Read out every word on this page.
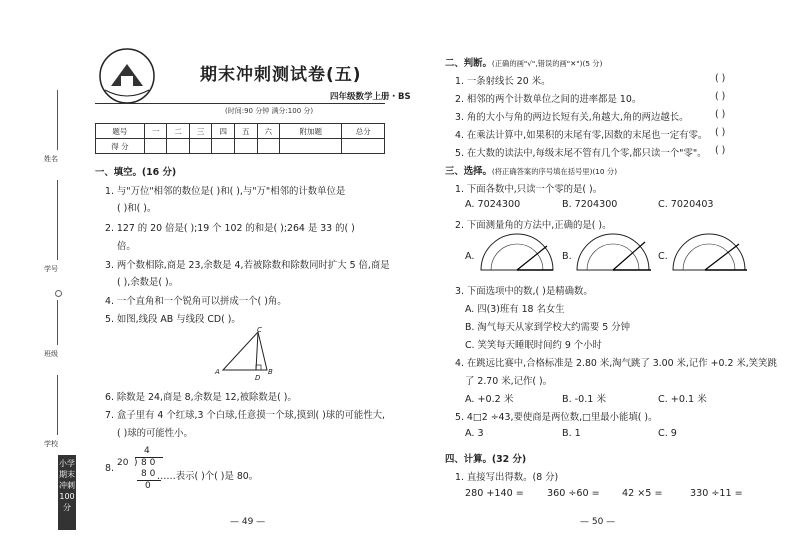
姓名
学号
班级
学校
小学期末冲刺100分
期末冲刺测试卷(五)
四年级数学上册・BS
(时间:90 分钟 满分:100 分)
题号	一	二	三	四	五	六	附加题	总分
得 分								
一、填空。(16 分)
1. 与"万位"相邻的数位是( )和( ),与"万"相邻的计数单位是
( )和( )。
2. 127 的 20 倍是( );19 个 102 的和是( );264 是 33 的( )
倍。
3. 两个数相除,商是 23,余数是 4,若被除数和除数同时扩大 5 倍,商是
( ),余数是( )。
4. 一个直角和一个锐角可以拼成一个( )角。
5. 如图,线段 AB 与线段 CD( )。
C
A
D
B
6. 除数是 24,商是 8,余数是 12,被除数是( )。
7. 盒子里有 4 个红球,3 个白球,任意摸一个球,摸到( )球的可能性大,
( )球的可能性小。
8.
4
20 ) 8 0
8 0
0
……表示( )个( )是 80。
— 49 —
二、判断。(正确的画"√",错误的画"✕")(5 分)
1. 一条射线长 20 米。	( )
2. 相邻的两个计数单位之间的进率都是 10。	( )
3. 角的大小与角的两边长短有关,角越大,角的两边越长。	( )
4. 在乘法计算中,如果积的末尾有零,因数的末尾也一定有零。 ( )
5. 在大数的读法中,每级末尾不管有几个零,都只读一个"零"。 ( )
三、选择。(将正确答案的序号填在括号里)(10 分)
1. 下面各数中,只读一个零的是( )。
A. 7024300	B. 7204300	C. 7020403
2. 下面测量角的方法中,正确的是( )。
A.	B.	C.
3. 下面选项中的数,( )是精确数。
A. 四(3)班有 18 名女生
B. 淘气每天从家到学校大约需要 5 分钟
C. 笑笑每天睡眠时间约 9 个小时
4. 在跳远比赛中,合格标准是 2.80 米,淘气跳了 3.00 米,记作 +0.2 米,笑笑跳
了 2.70 米,记作( )。
A. +0.2 米	B. -0.1 米	C. +0.1 米
5. 4□2 ÷43,要使商是两位数,□里最小能填( )。
A. 3	B. 1	C. 9
四、计算。(32 分)
1. 直接写出得数。(8 分)
280 +140 = 360 ÷60 = 42 ×5 =	330 ÷11 =
— 50 —
